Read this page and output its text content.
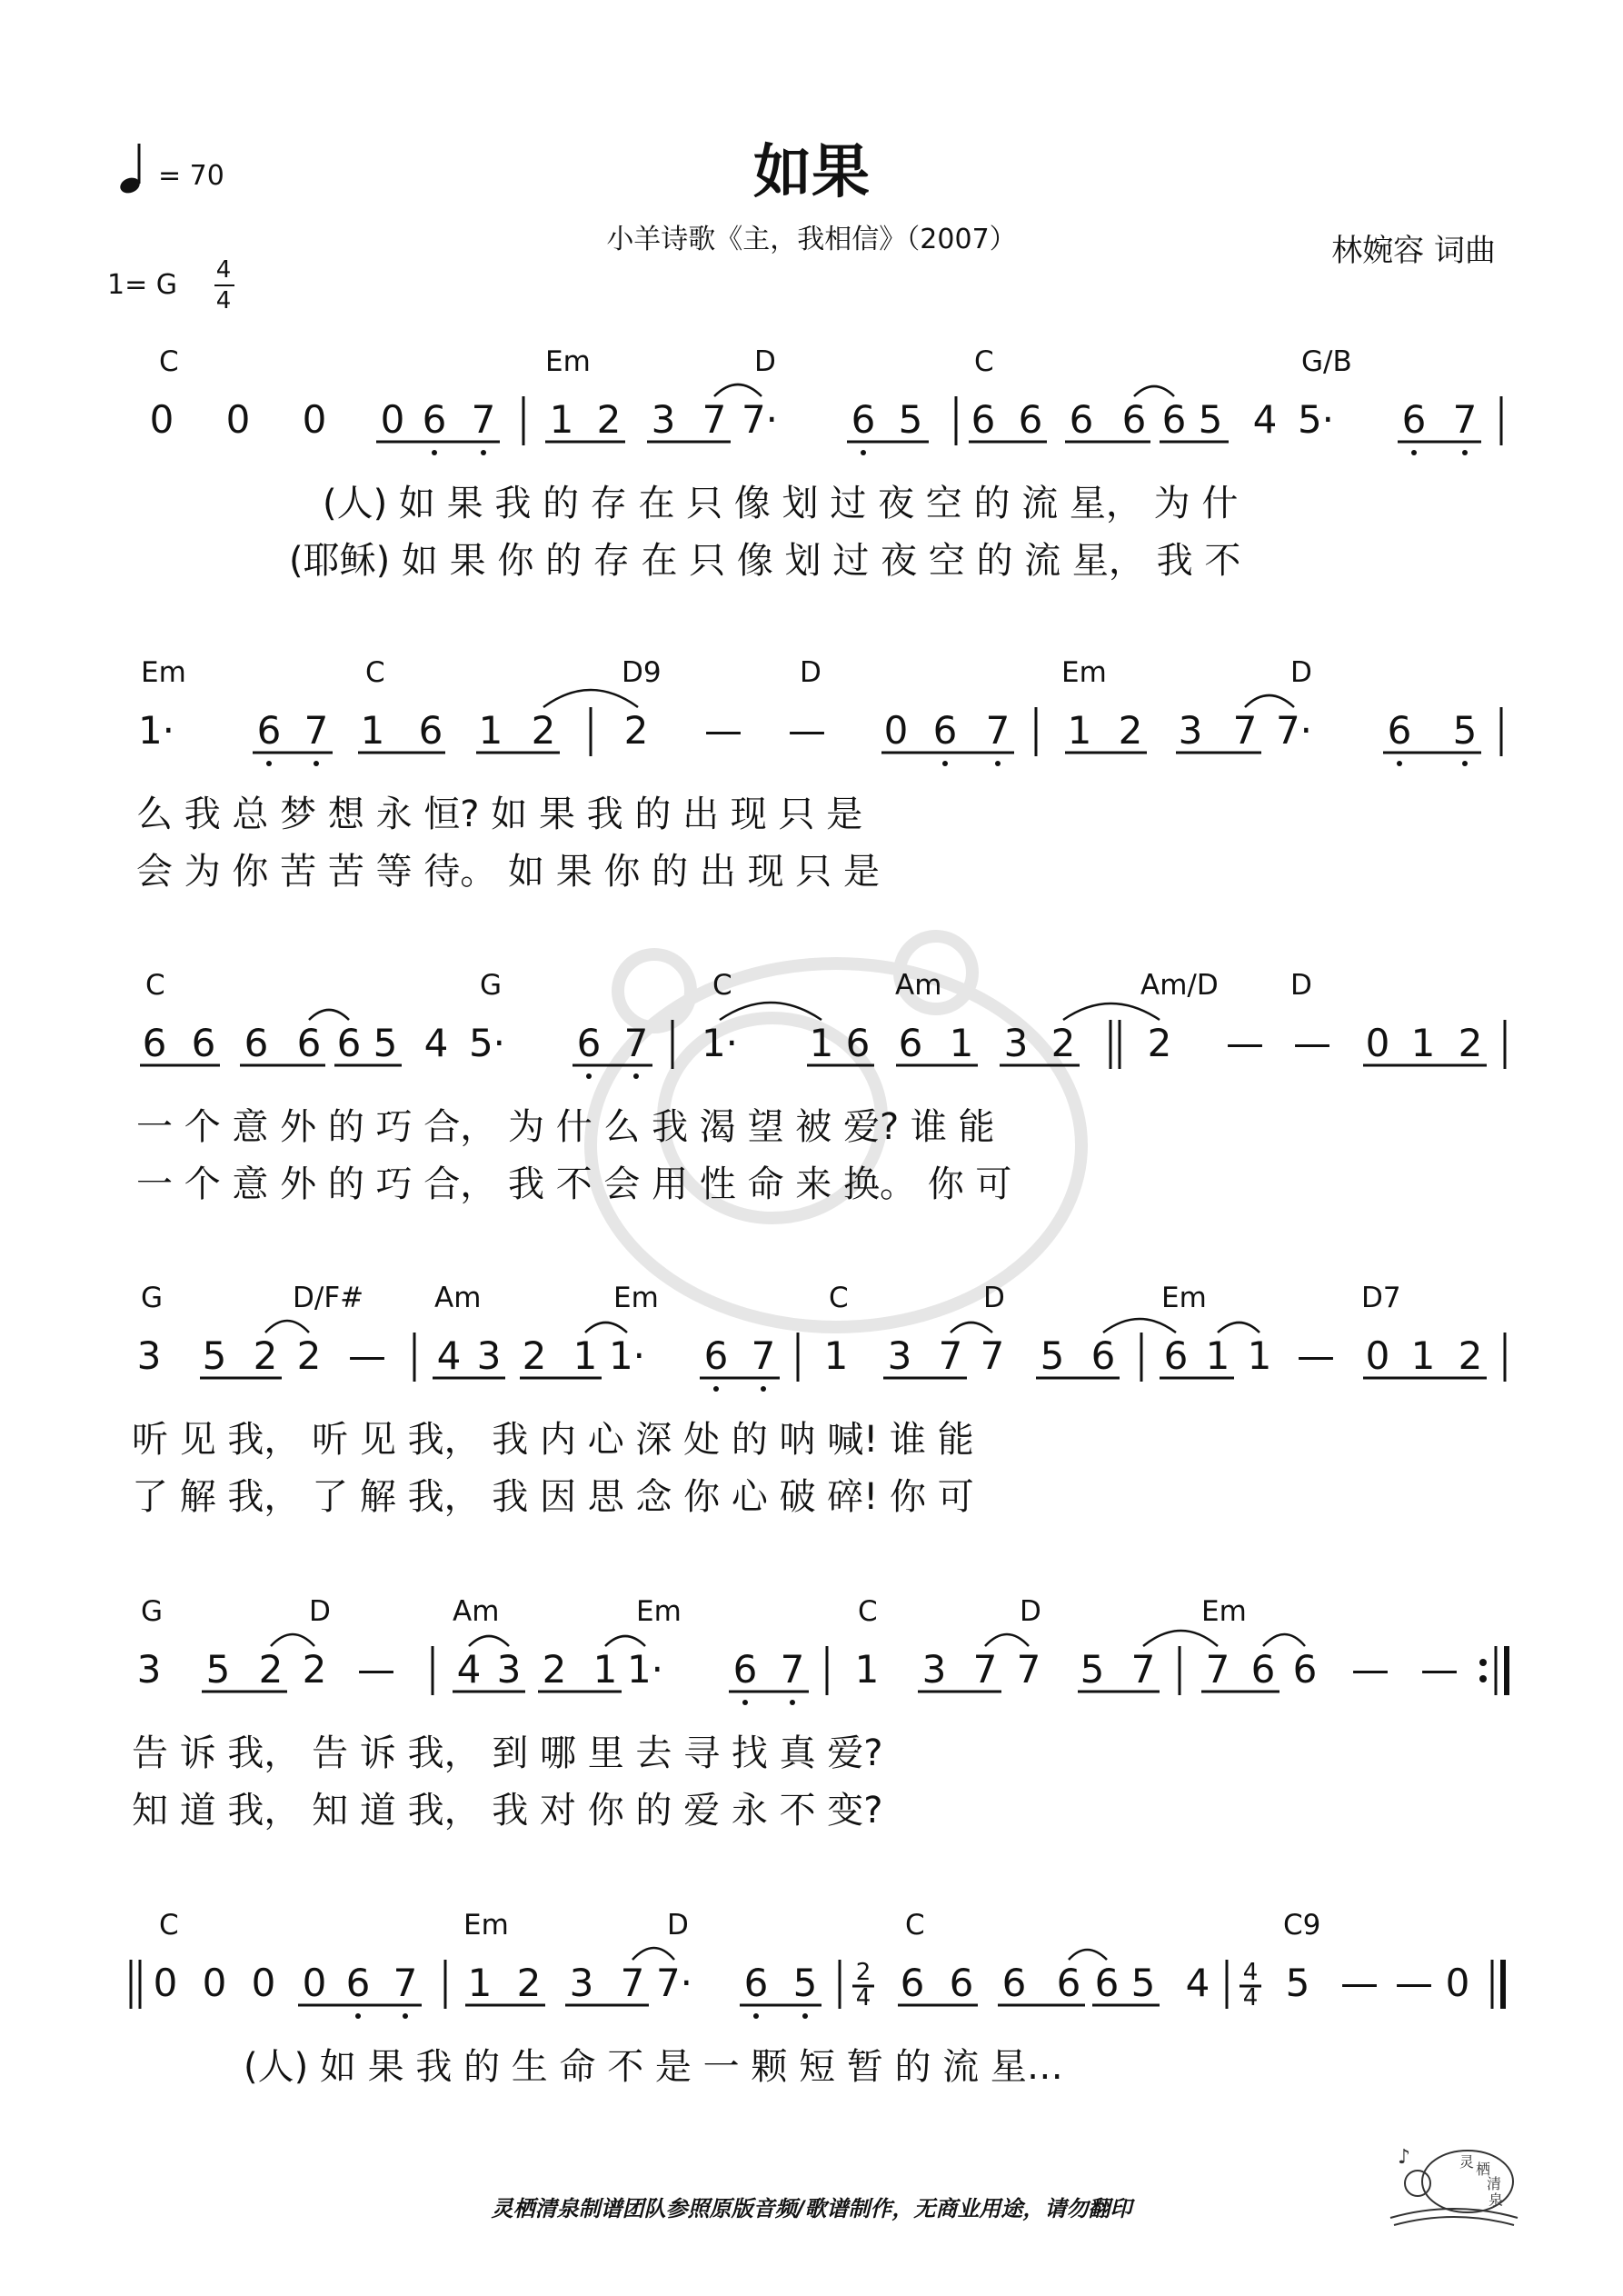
= 70	如果
小羊诗歌《主，我相信》（2007）	林婉容 词曲
1= G 4
4
C	Em	D	C	G/B
0 0 0 0 6 7 1 2 3 7 7· 6 5 6 6 6 6 6 5 4 5· 6 7
(人) 如 果 我 的 存 在 只 像 划 过 夜 空 的 流 星， 为 什
(耶稣) 如 果 你 的 存 在 只 像 划 过 夜 空 的 流 星， 我 不
Em	C	D9	D	Em	D
1· 6 7 1 6 1 2 2 — — 0 6 7 1 2 3 7 7· 6 5
么 我 总 梦 想 永 恒? 如 果 我 的 出 现 只 是
会 为 你 苦 苦 等 待。 如 果 你 的 出 现 只 是
C	G	C	Am	Am/D	D
6 6 6 6 6 5 4 5· 6 7 1· 1 6 6 1 3 2 2 — — 0 1 2
一 个 意 外 的 巧 合， 为 什 么 我 渴 望 被 爱? 谁 能
一 个 意 外 的 巧 合， 我 不 会 用 性 命 来 换。 你 可
G	D/F#	Am	Em	C	D	Em	D7
3 5 2 2 — 4 3 2 1 1· 6 7 1 3 7 7 5 6 6 1 1 — 0 1 2
听 见 我， 听 见 我， 我 内 心 深 处 的 呐 喊! 谁 能
了 解 我， 了 解 我， 我 因 思 念 你 心 破 碎! 你 可
G	D	Am	Em	C	D	Em
3 5 2 2 — 4 3 2 1 1· 6 7 1 3 7 7 5 7 7 6 6 — —
告 诉 我， 告 诉 我， 到 哪 里 去 寻 找 真 爱?
知 道 我， 知 道 我， 我 对 你 的 爱 永 不 变?
C	Em	D	C	C9
0 0 0 0 6 7 1 2 3 7 7· 6 5 6 6 6 6 6 5 4 5 — — 0
2
4
4
4
(人) 如 果 我 的 生 命 不 是 一 颗 短 暂 的 流 星…
灵栖清泉制谱团队参照原版音频/歌谱制作，无商业用途，请勿翻印
♪	灵 栖
清
泉
